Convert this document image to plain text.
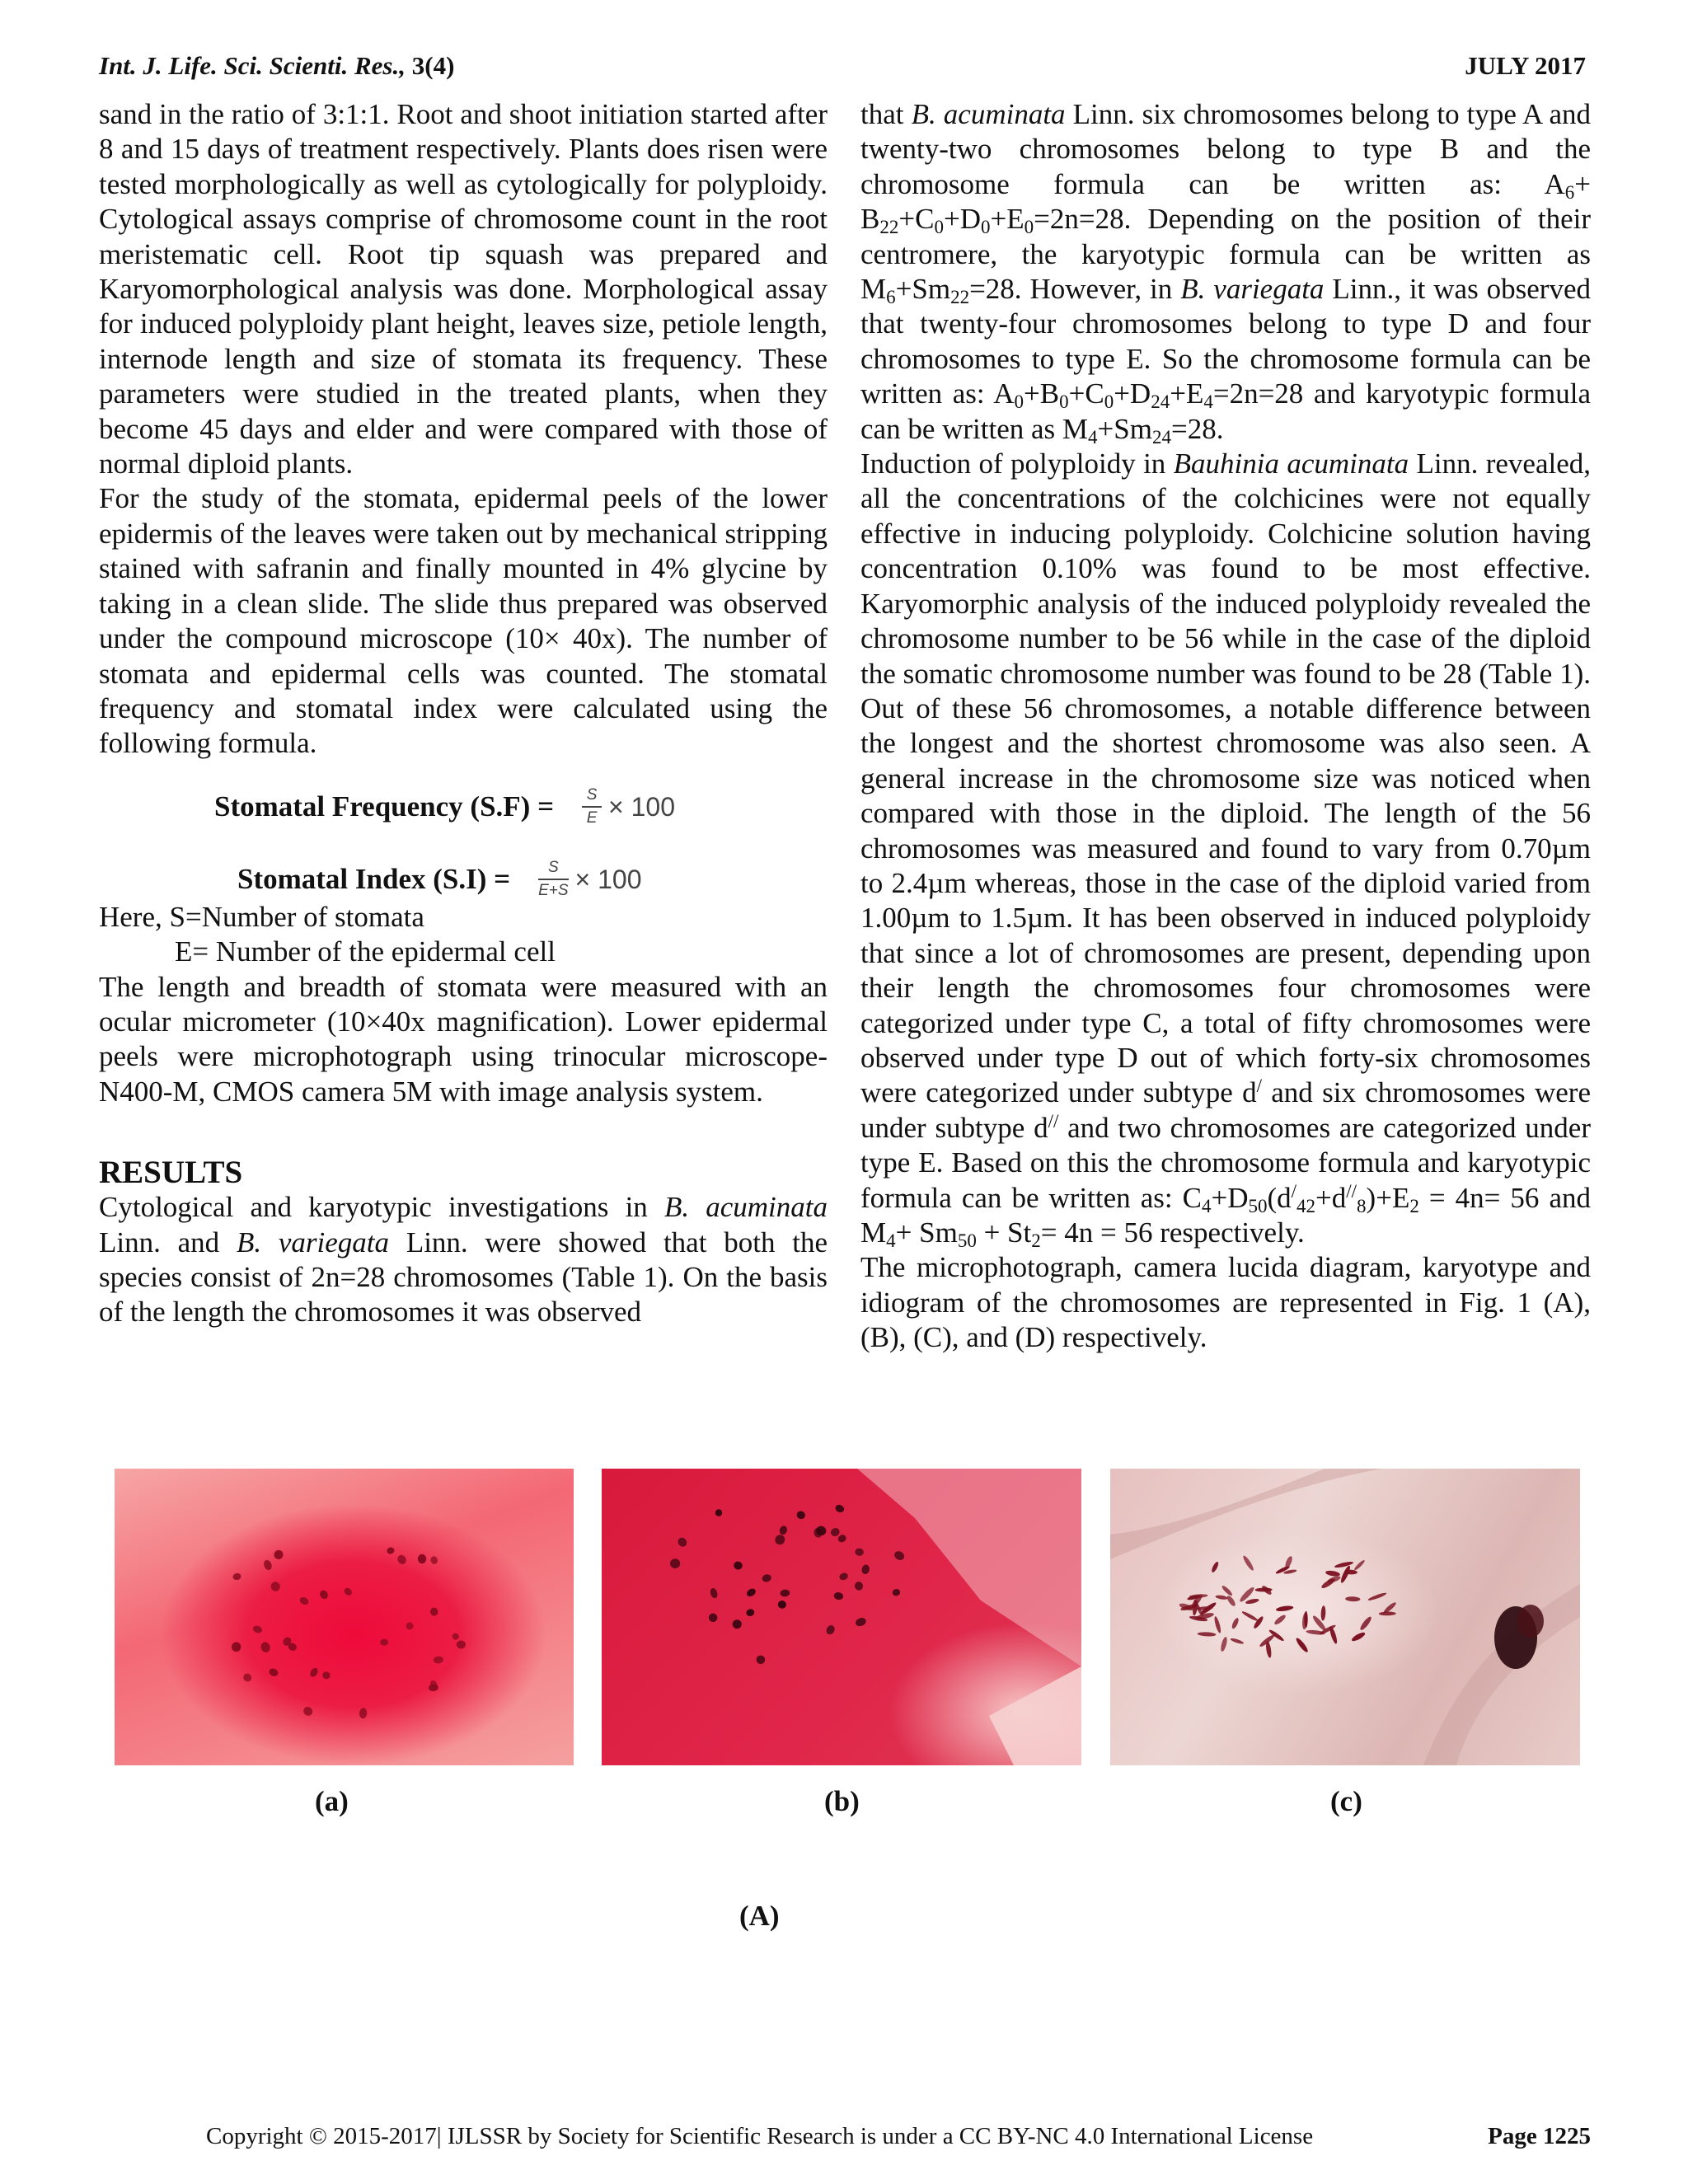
Int. J. Life. Sci. Scienti. Res., 3(4)	JULY 2017

sand in the ratio of 3:1:1. Root and shoot initiation started after 8 and 15 days of treatment respectively. Plants does risen were tested morphologically as well as cytologically for polyploidy. Cytological assays comprise of chromosome count in the root meristematic cell. Root tip squash was prepared and Karyomorphological analysis was done. Morphological assay for induced polyploidy plant height, leaves size, petiole length, internode length and size of stomata its frequency. These parameters were studied in the treated plants, when they become 45 days and elder and were compared with those of normal diploid plants.

For the study of the stomata, epidermal peels of the lower epidermis of the leaves were taken out by mechanical stripping stained with safranin and finally mounted in 4% glycine by taking in a clean slide. The slide thus prepared was observed under the compound microscope (10× 40x). The number of stomata and epidermal cells was counted. The stomatal frequency and stomatal index were calculated using the following formula.

Stomatal Frequency $(S.F) = \frac{S}{E} \times 100$
Stomatal Index $(S.I) = \frac{S}{E+S} \times 100$

Here, S=Number of stomata

E= Number of the epidermal cell

The length and breadth of stomata were measured with an ocular micrometer (10×40x magnification). Lower epidermal peels were microphotograph using trinocular microscope-N400-M, CMOS camera 5M with image analysis system.

RESULTS

Cytological and karyotypic investigations in B. acuminata Linn. and B. variegata Linn. were showed that both the species consist of 2n=28 chromosomes (Table 1). On the basis of the length the chromosomes it was observed

that B. acuminata Linn. six chromosomes belong to type A and twenty-two chromosomes belong to type B and the chromosome formula can be written as: $A_6+ B_{22}+C_0+D_0+E_0=2n=28$. Depending on the position of their centromere, the karyotypic formula can be written as $M_6+Sm_{22}=28$. However, in B. variegata Linn., it was observed that twenty-four chromosomes belong to type D and four chromosomes to type E. So the chromosome formula can be written as: $A_0+B_0+C_0+D_{24}+E_4=2n=28$ and karyotypic formula can be written as $M_4+Sm_{24}=28$.

Induction of polyploidy in Bauhinia acuminata Linn. revealed, all the concentrations of the colchicines were not equally effective in inducing polyploidy. Colchicine solution having concentration 0.10% was found to be most effective. Karyomorphic analysis of the induced polyploidy revealed the chromosome number to be 56 while in the case of the diploid the somatic chromosome number was found to be 28 (Table 1). Out of these 56 chromosomes, a notable difference between the longest and the shortest chromosome was also seen. A general increase in the chromosome size was noticed when compared with those in the diploid. The length of the 56 chromosomes was measured and found to vary from 0.70µm to 2.4µm whereas, those in the case of the diploid varied from 1.00µm to 1.5µm. It has been observed in induced polyploidy that since a lot of chromosomes are present, depending upon their length the chromosomes four chromosomes were categorized under type C, a total of fifty chromosomes were observed under type D out of which forty-six chromosomes were categorized under subtype d/ and six chromosomes were under subtype d// and two chromosomes are categorized under type E. Based on this the chromosome formula and karyotypic formula can be written as: $C_4+D_{50}(d^/_{42}+d^{//}_8)+E_2 = 4n= 56$ and $M_4+ Sm_{50} + St_2= 4n = 56$ respectively.

The microphotograph, camera lucida diagram, karyotype and idiogram of the chromosomes are represented in Fig. 1 (A), (B), (C), and (D) respectively.

(a)	(b)	(c)
(A)
Copyright © 2015-2017| IJLSSR by Society for Scientific Research is under a CC BY-NC 4.0 International License	Page 1225
